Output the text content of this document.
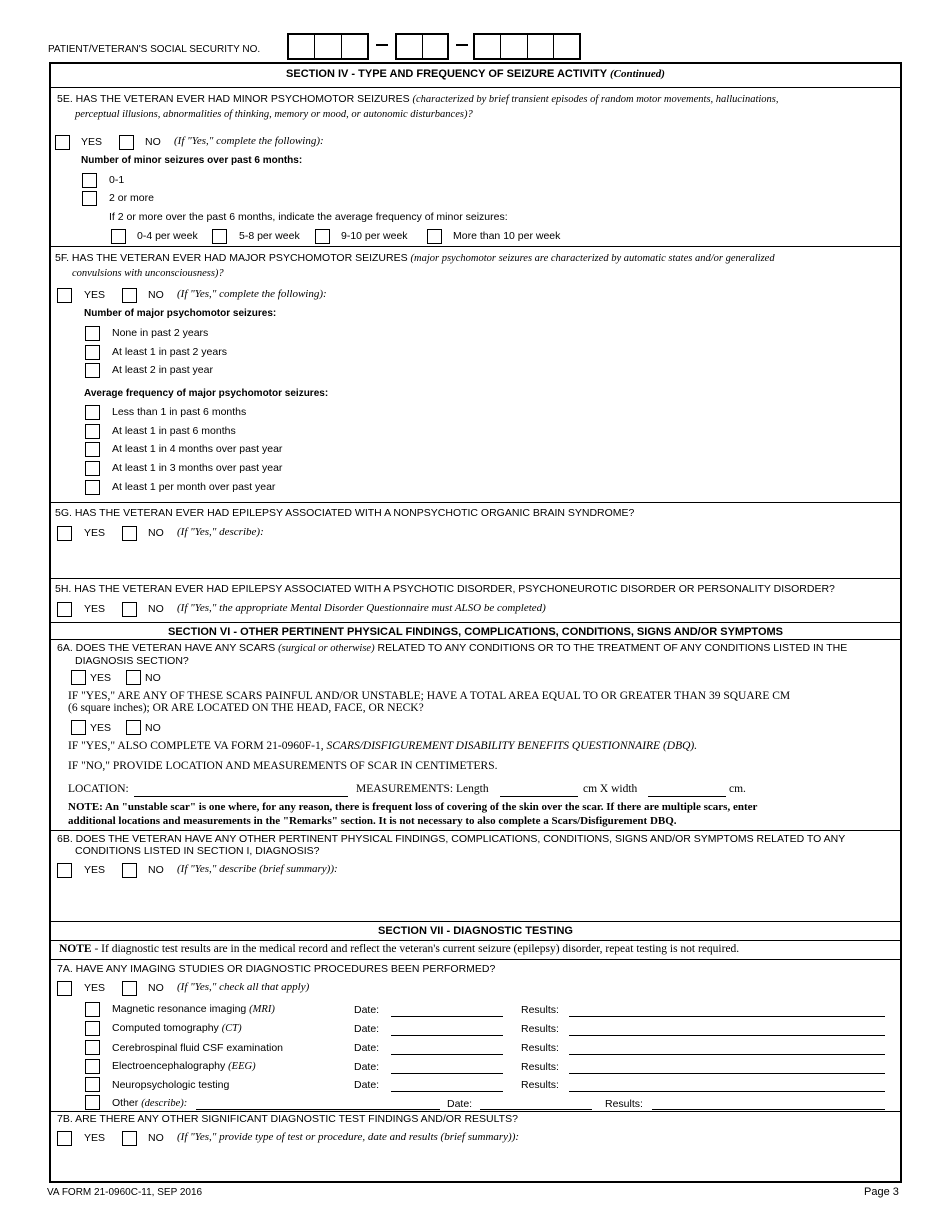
PATIENT/VETERAN'S SOCIAL SECURITY NO.
SECTION IV - TYPE AND FREQUENCY OF SEIZURE ACTIVITY (Continued)
5E. HAS THE VETERAN EVER HAD MINOR PSYCHOMOTOR SEIZURES (characterized by brief transient episodes of random motor movements, hallucinations,
perceptual illusions, abnormalities of thinking, memory or mood, or autonomic disturbances)?
YES	NO (If "Yes," complete the following):
Number of minor seizures over past 6 months:
0-1
2 or more
If 2 or more over the past 6 months, indicate the average frequency of minor seizures:
0-4 per week	5-8 per week	9-10 per week	More than 10 per week
5F. HAS THE VETERAN EVER HAD MAJOR PSYCHOMOTOR SEIZURES (major psychomotor seizures are characterized by automatic states and/or generalized
convulsions with unconsciousness)?
YES	NO (If "Yes," complete the following):
Number of major psychomotor seizures:
None in past 2 years
At least 1 in past 2 years
At least 2 in past year
Average frequency of major psychomotor seizures:
Less than 1 in past 6 months
At least 1 in past 6 months
At least 1 in 4 months over past year
At least 1 in 3 months over past year
At least 1 per month over past year
5G. HAS THE VETERAN EVER HAD EPILEPSY ASSOCIATED WITH A NONPSYCHOTIC ORGANIC BRAIN SYNDROME?
YES	NO (If "Yes," describe):
5H. HAS THE VETERAN EVER HAD EPILEPSY ASSOCIATED WITH A PSYCHOTIC DISORDER, PSYCHONEUROTIC DISORDER OR PERSONALITY DISORDER?
YES	NO (If "Yes," the appropriate Mental Disorder Questionnaire must ALSO be completed)
SECTION VI - OTHER PERTINENT PHYSICAL FINDINGS, COMPLICATIONS, CONDITIONS, SIGNS AND/OR SYMPTOMS
6A. DOES THE VETERAN HAVE ANY SCARS (surgical or otherwise) RELATED TO ANY CONDITIONS OR TO THE TREATMENT OF ANY CONDITIONS LISTED IN THE
DIAGNOSIS SECTION?
YES	NO
IF "YES," ARE ANY OF THESE SCARS PAINFUL AND/OR UNSTABLE; HAVE A TOTAL AREA EQUAL TO OR GREATER THAN 39 SQUARE CM
(6 square inches); OR ARE LOCATED ON THE HEAD, FACE, OR NECK?
YES	NO
IF "YES," ALSO COMPLETE VA FORM 21-0960F-1, SCARS/DISFIGUREMENT DISABILITY BENEFITS QUESTIONNAIRE (DBQ).
IF "NO," PROVIDE LOCATION AND MEASUREMENTS OF SCAR IN CENTIMETERS.
LOCATION:	MEASUREMENTS: Length	cm X width	cm.
NOTE: An "unstable scar" is one where, for any reason, there is frequent loss of covering of the skin over the scar. If there are multiple scars, enter
additional locations and measurements in the "Remarks" section. It is not necessary to also complete a Scars/Disfigurement DBQ.
6B. DOES THE VETERAN HAVE ANY OTHER PERTINENT PHYSICAL FINDINGS, COMPLICATIONS, CONDITIONS, SIGNS AND/OR SYMPTOMS RELATED TO ANY
CONDITIONS LISTED IN SECTION I, DIAGNOSIS?
YES	NO (If "Yes," describe (brief summary)):
SECTION VII - DIAGNOSTIC TESTING
NOTE - If diagnostic test results are in the medical record and reflect the veteran's current seizure (epilepsy) disorder, repeat testing is not required.
7A. HAVE ANY IMAGING STUDIES OR DIAGNOSTIC PROCEDURES BEEN PERFORMED?
YES	NO (If "Yes," check all that apply)
Magnetic resonance imaging (MRI)	Date:	Results:
Computed tomography (CT)	Date:	Results:
Cerebrospinal fluid CSF examination	Date:	Results:
Electroencephalography (EEG)	Date:	Results:
Neuropsychologic testing	Date:	Results:
Other (describe):	Date:	Results:
7B. ARE THERE ANY OTHER SIGNIFICANT DIAGNOSTIC TEST FINDINGS AND/OR RESULTS?
YES	NO (If "Yes," provide type of test or procedure, date and results (brief summary)):
VA FORM 21-0960C-11, SEP 2016	Page 3
